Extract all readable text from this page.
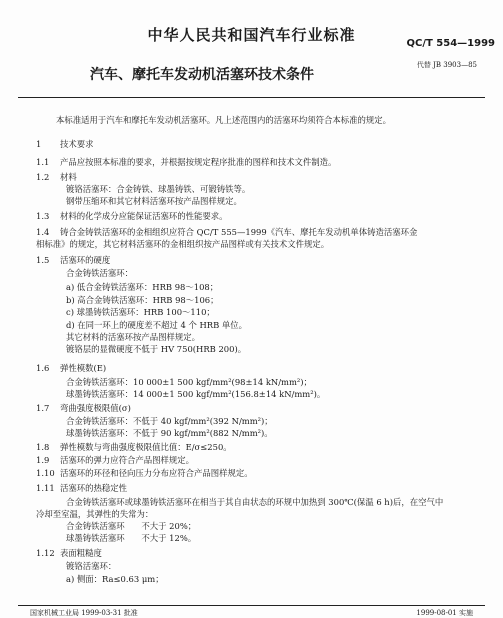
中华人民共和国汽车行业标准	QC/T 554—1999
代替 JB 3903—85
汽车、摩托车发动机活塞环技术条件
本标准适用于汽车和摩托车发动机活塞环。凡上述范围内的活塞环均须符合本标准的规定。
1 技术要求
1.1 产品应按照本标准的要求，并根据按规定程序批准的图样和技术文件制造。
1.2 材料
镀铬活塞环：合金铸铁、球墨铸铁、可锻铸铁等。
钢带压缩环和其它材料活塞环按产品图样规定。
1.3 材料的化学成分应能保证活塞环的性能要求。
1.4 铸合金铸铁活塞环的金相组织应符合 QC/T 555—1999《汽车、摩托车发动机单体铸造活塞环金
相标准》的规定，其它材料活塞环的金相组织按产品图样或有关技术文件规定。
1.5 活塞环的硬度
合金铸铁活塞环：
a) 低合金铸铁活塞环：HRB 98～108；
b) 高合金铸铁活塞环：HRB 98～106；
c) 球墨铸铁活塞环：HRB 100～110；
d) 在同一环上的硬度差不超过 4 个 HRB 单位。
其它材料的活塞环按产品图样规定。
镀铬层的显微硬度不低于 HV 750(HRB 200)。
1.6 弹性模数(E)
合金铸铁活塞环：10 000±1 500 kgf/mm²(98±14 kN/mm²)；
球墨铸铁活塞环：14 000±1 500 kgf/mm²(156.8±14 kN/mm²)。
1.7 弯曲强度极限值(σ)
合金铸铁活塞环：不低于 40 kgf/mm²(392 N/mm²)；
球墨铸铁活塞环：不低于 90 kgf/mm²(882 N/mm²)。
1.8 弹性模数与弯曲强度极限值比值：E/σ≤250。
1.9 活塞环的弹力应符合产品图样规定。
1.10 活塞环的环径和径向压力分布应符合产品图样规定。
1.11 活塞环的热稳定性
合金铸铁活塞环或球墨铸铁活塞环在相当于其自由状态的环规中加热到 300℃(保温 6 h)后，在空气中
冷却至室温，其弹性的失常为：
合金铸铁活塞环　　不大于 20%；
球墨铸铁活塞环　　不大于 12%。
1.12 表面粗糙度
镀铬活塞环：
a) 侧面：Ra≤0.63 μm；
国家机械工业局 1999-03-31 批准	1999-08-01 实施
